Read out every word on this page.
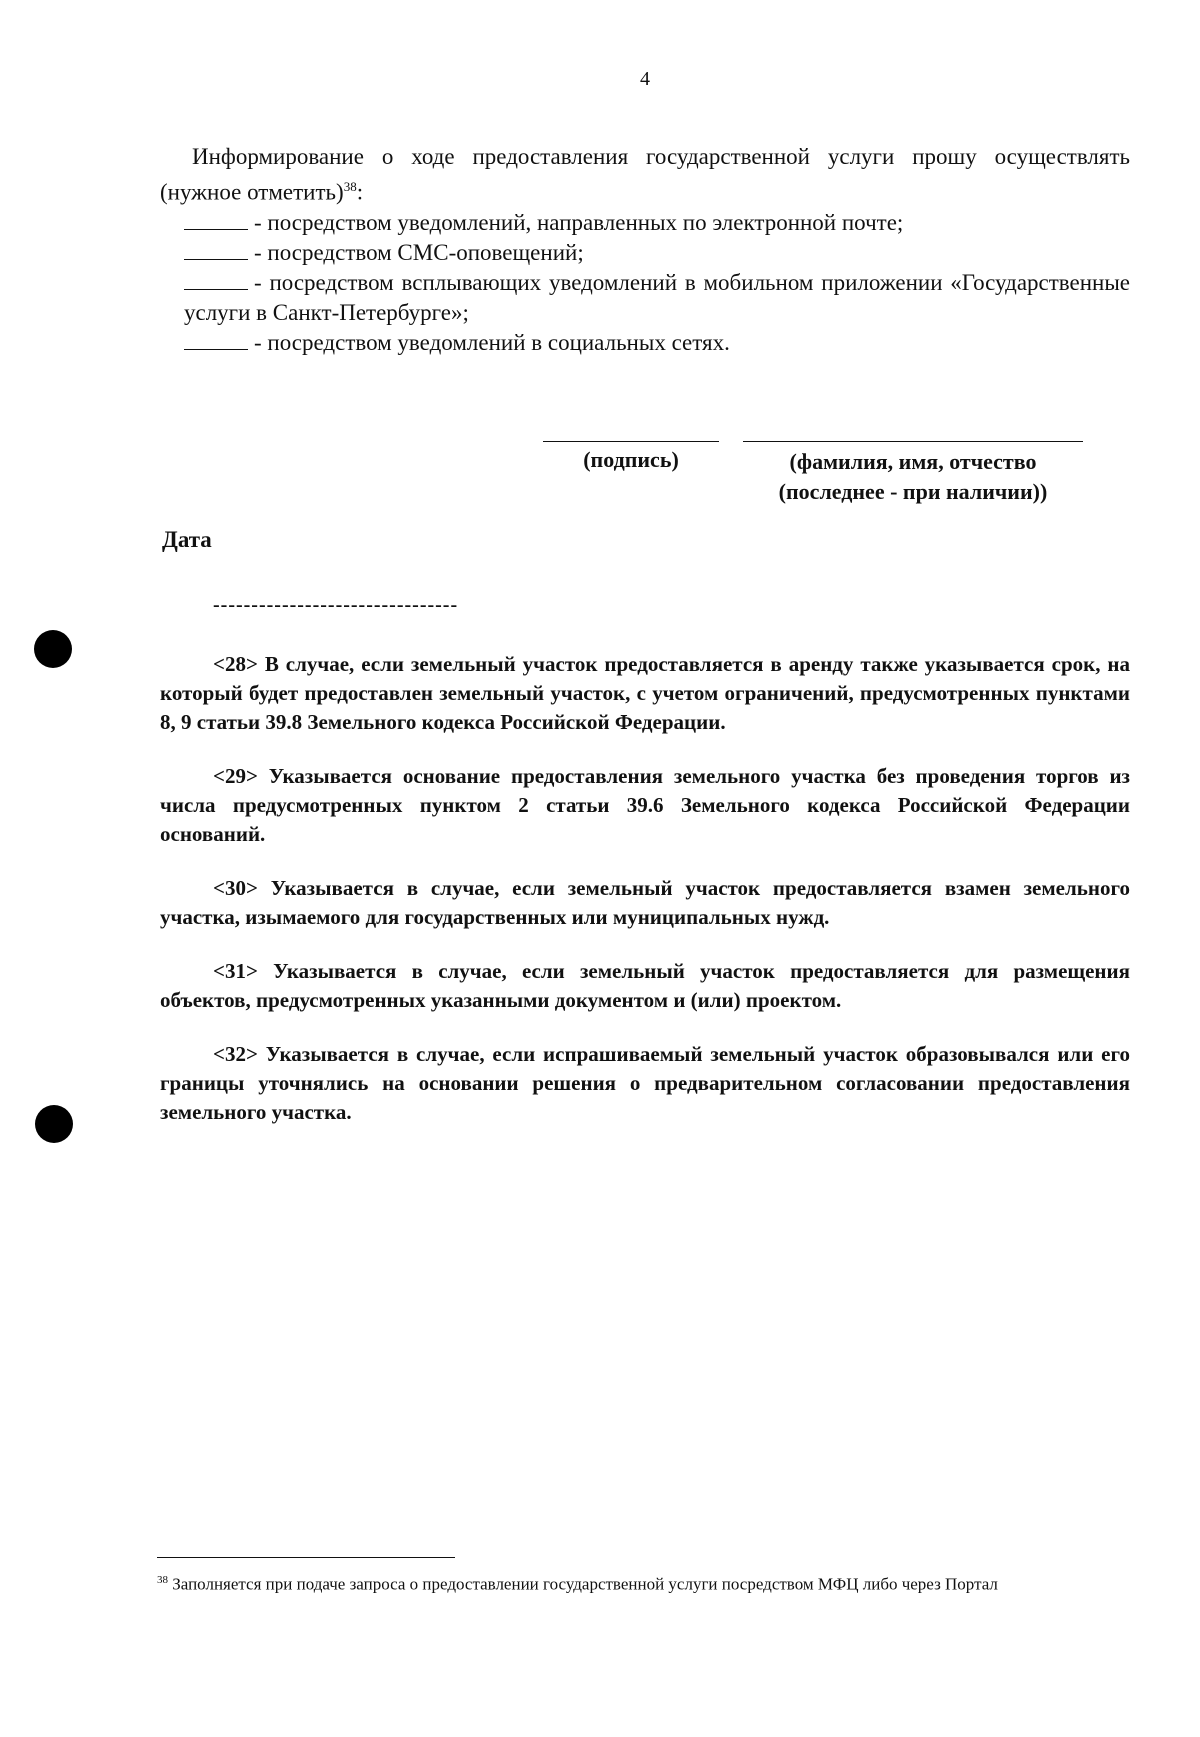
4

Информирование о ходе предоставления государственной услуги прошу осуществлять (нужное отметить)$^{38}$:

- посредством уведомлений, направленных по электронной почте;

- посредством СМС-оповещений;

- посредством всплывающих уведомлений в мобильном приложении «Государственные услуги в Санкт-Петербурге»;

- посредством уведомлений в социальных сетях.

(подпись)	(фамилия, имя, отчество
(последнее - при наличии))
Дата
--------------------------------

<28> В случае, если земельный участок предоставляется в аренду также указывается срок, на который будет предоставлен земельный участок, с учетом ограничений, предусмотренных пунктами 8, 9 статьи 39.8 Земельного кодекса Российской Федерации.

<29> Указывается основание предоставления земельного участка без проведения торгов из числа предусмотренных пунктом 2 статьи 39.6 Земельного кодекса Российской Федерации оснований.

<30> Указывается в случае, если земельный участок предоставляется взамен земельного участка, изымаемого для государственных или муниципальных нужд.

<31> Указывается в случае, если земельный участок предоставляется для размещения объектов, предусмотренных указанными документом и (или) проектом.

<32> Указывается в случае, если испрашиваемый земельный участок образовывался или его границы уточнялись на основании решения о предварительном согласовании предоставления земельного участка.

$^{38}$ Заполняется при подаче запроса о предоставлении государственной услуги посредством МФЦ либо через Портал
